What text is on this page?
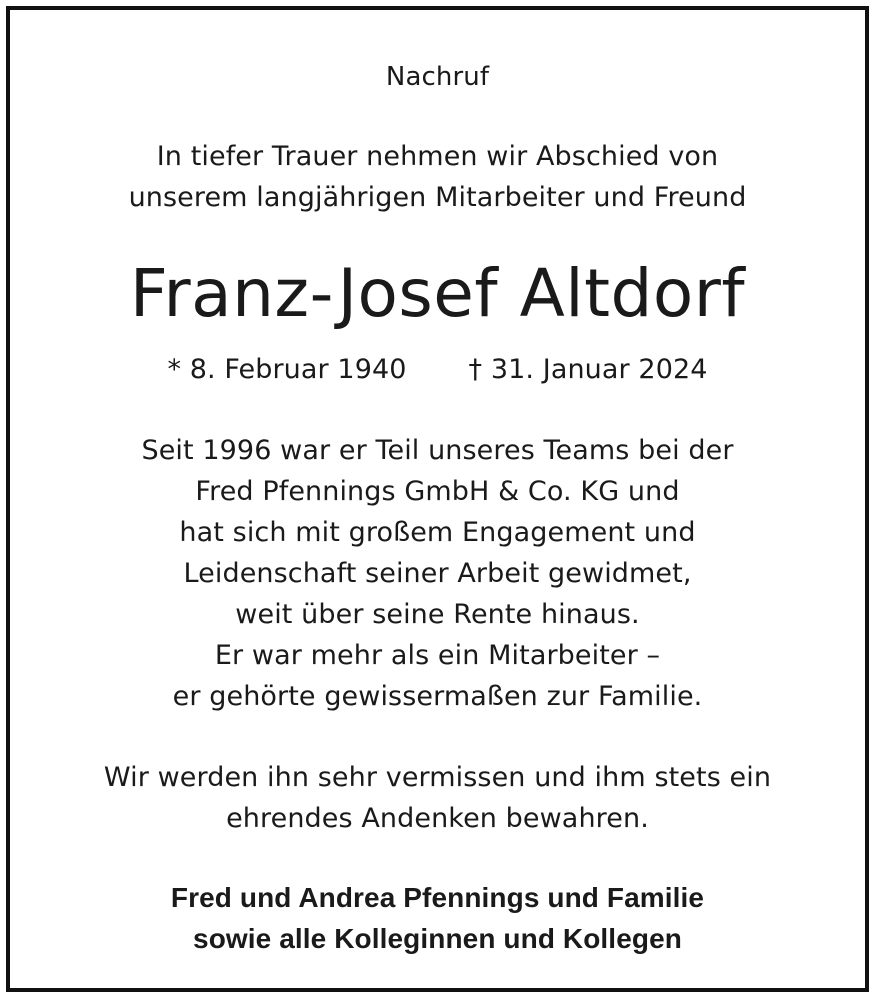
Nachruf
In tiefer Trauer nehmen wir Abschied von
unserem langjährigen Mitarbeiter und Freund
Franz-Josef Altdorf
* 8. Februar 1940 † 31. Januar 2024
Seit 1996 war er Teil unseres Teams bei der
Fred Pfennings GmbH & Co. KG und
hat sich mit großem Engagement und
Leidenschaft seiner Arbeit gewidmet,
weit über seine Rente hinaus.
Er war mehr als ein Mitarbeiter –
er gehörte gewissermaßen zur Familie.
Wir werden ihn sehr vermissen und ihm stets ein
ehrendes Andenken bewahren.
Fred und Andrea Pfennings und Familie
sowie alle Kolleginnen und Kollegen
